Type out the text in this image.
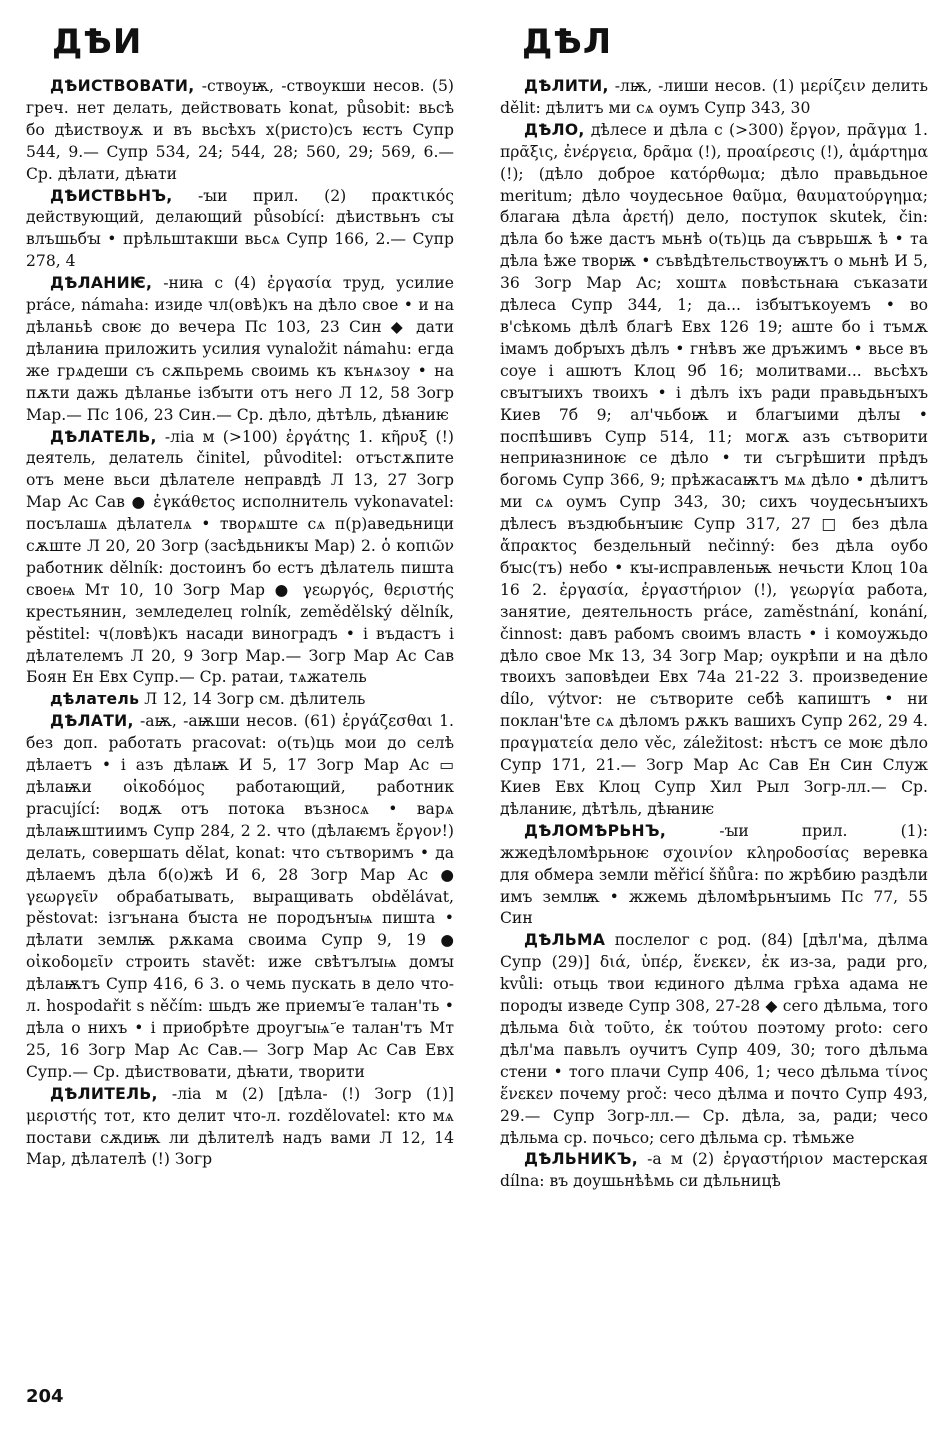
ДѢИ	ДѢЛ

ДѢИСТВОВАТИ, -ствоуѭ, -ствоукши несов. (5) греч. нет делать, действовать konat, působit: вьсѣ бо дѣиствоуѫ и въ вьсѣхъ х(ристо)съ ѥстъ Супр 544, 9.— Супр 534, 24; 544, 28; 560, 29; 569, 6.— Ср. дѣлати, дѣꙗти

ДѢИСТВЬНЪ, -ꙑи прил. (2) πρακτικός действующий, делающий působící: дѣиствьнъ сꙑ влъшьбꙑ • прѣльштакши вьсѧ Супр 166, 2.— Супр 278, 4

ДѢЛАНИѤ, -ниꙗ с (4) ἐργασία труд, усилие práce, námaha: изиде чл(овѣ)къ на дѣло свое • и на дѣланьѣ своѥ до вечера Пс 103, 23 Син ◆ дати дѣланиꙗ приложить усилия vynaložit námahu: егда же грѧдеши съ сѫпьремь своимь къ кънѧзоу • на пѫти дажь дѣланье ізбꙑти отъ него Л 12, 58 Зогр Мар.— Пс 106, 23 Син.— Ср. дѣло, дѣтѣль, дѣꙗниѥ

ДѢЛАТЕЛЬ, -ліа м (>100) ἐργάτης 1. κῆρυξ (!) деятель, делатель činitel, původitel: отъстѫпите отъ мене вьси дѣлателе неправдѣ Л 13, 27 Зогр Мар Ас Сав ● ἐγκάθετος исполнитель vykonavatel: посълашѧ дѣлателѧ • творѧште сѧ п(р)аведьници сѫште Л 20, 20 Зогр (засѣдьникꙑ Мар) 2. ὁ κοπιῶν работник dělník: достоинъ бо естъ дѣлатель пишта своеѩ Мт 10, 10 Зогр Мар ● γεωργός, θεριστής крестьянин, земледелец rolník, zemědělský dělník, pěstitel: ч(ловѣ)къ насади виноградъ • і въдастъ і дѣлателемъ Л 20, 9 Зогр Мар.— Зогр Мар Ас Сав Боян Ен Евх Супр.— Ср. ратаи, тѧжатель

дѣлатель Л 12, 14 Зогр см. дѣлитель

ДѢЛАТИ, -аѭ, -аѭши несов. (61) ἐργάζεσθαι 1. без доп. работать pracovat: о(ть)ць мои до селѣ дѣлаетъ • і азъ дѣлаѭ И 5, 17 Зогр Мар Ас ▭ дѣлаѭи οἰκοδόμος работающий, работник pracující: водѫ отъ потока възносѧ • варѧ дѣлаѭштиимъ Супр 284, 2 2. что (дѣлаѥмъ ἔργον!) делать, совершать dělat, konat: что сътворимъ • да дѣлаемъ дѣла б(о)жѣ И 6, 28 Зогр Мар Ас ● γεωργεῖν обрабатывать, выращивать obdělávat, pěstovat: ізгънана бꙑста не породънꙑѩ пишта • дѣлати землѭ рѫкама своима Супр 9, 19 ● οἰκοδομεῖν строить stavět: иже свѣтълꙑѩ домꙑ дѣлаѭтъ Супр 416, 6 3. о чемь пускать в дело что-л. hospodařit s něčím: шьдъ же приемꙑ ҃е талан'ть • дѣла о нихъ • і приобрѣте дроугꙑѩ ҃е талан'тъ Мт 25, 16 Зогр Мар Ас Сав.— Зогр Мар Ас Сав Евх Супр.— Ср. дѣиствовати, дѣꙗти, творити

ДѢЛИТЕЛЬ, -ліа м (2) [дѣла- (!) Зогр (1)] μεριστής тот, кто делит что-л. rozdělovatel: кто мѧ постави сѫдиѭ ли дѣлителѣ надъ вами Л 12, 14 Мар, дѣлателѣ (!) Зогр

ДѢЛИТИ, -лѭ, -лиши несов. (1) μερίζειν делить dělit: дѣлитъ ми сѧ оумъ Супр 343, 30

ДѢЛО, дѣлесе и дѣла с (>300) ἔργον, πρᾶγμα 1. πρᾶξις, ἐνέργεια, δρᾶμα (!), προαίρεσις (!), ἁμάρτημα (!); (дѣло доброе κατόρθωμα; дѣло правьдьное meritum; дѣло чоудесьное θαῦμα, θαυματούργημα; благаꙗ дѣла ἀρετή) дело, поступок skutek, čin: дѣла бо ѣже дастъ мьнѣ о(ть)ць да съврьшѫ ѣ • та дѣла ѣже творѭ • съвѣдѣтельствоуѭтъ о мьнѣ И 5, 36 Зогр Мар Ас; хоштѧ повѣстьнаꙗ съказати дѣлеса Супр 344, 1; да... ізбꙑтъкоуемъ • во в'сѣкомь дѣлѣ благѣ Евх 126 19; аште бо і тъмѫ імамъ добрꙑхъ дѣлъ • гнѣвъ же дръжимъ • вьсе въ соуе і ашютъ Клоц 9б 16; молитвами... вьсѣхъ свꙑтꙑихъ твоихъ • і дѣлъ іхъ ради правьдьнꙑхъ Киев 7б 9; ал'чьбоѭ и благꙑими дѣлꙑ • поспѣшивъ Супр 514, 11; могѫ азъ сътворити неприꙗзниноѥ се дѣло • ти съгрѣшити прѣдъ богомь Супр 366, 9; прѣжасаѭтъ мѧ дѣло • дѣлитъ ми сѧ оумъ Супр 343, 30; сихъ чоудесьнꙑихъ дѣлесъ въздюбьнꙑиѥ Супр 317, 27 □ без дѣла ἄπρακτος бездельный nečinný: без дѣла оубо бꙑс(тъ) небо • кꙑ-исправленьѭ нечьсти Клоц 10а 16 2. ἐργασία, ἐργαστήριον (!), γεωργία работа, занятие, деятельность práce, zaměstnání, konání, činnost: давъ рабомъ своимъ власть • і комоужьдо дѣло свое Мк 13, 34 Зогр Мар; оукрѣпи и на дѣло твоихъ заповѣдеи Евх 74а 21-22 3. произведение dílo, výtvor: не сътворите себѣ капиштъ • ни поклан'ѣте сѧ дѣломъ рѫкъ вашихъ Супр 262, 29 4. πραγματεία дело věc, záležitost: нѣстъ се моѥ дѣло Супр 171, 21.— Зогр Мар Ас Сав Ен Син Служ Киев Евх Клоц Супр Хил Рыл Зогр-лл.— Ср. дѣланиѥ, дѣтѣль, дѣꙗниѥ

ДѢЛОМѢРЬНЪ,	-ꙑи прил. (1): жжедѣломѣрьноѥ σχοινίον κληροδοσίας веревка для обмера земли měřicí šňůra: по жрѣбию раздѣли имъ землѭ • жжемь дѣломѣрьнꙑимь Пс 77, 55 Син

ДѢЛЬМА послелог с род. (84) [дѣл'ма, дѣлма Супр (29)] διά, ὑπέρ, ἕνεκεν, ἐκ из-за, ради pro, kvůli: отьць твои ѥдиного дѣлма грѣха адама не породꙑ изведе Супр 308, 27-28 ◆ сего дѣльма, того дѣльма διὰ τοῦτο, ἐκ τούτου поэтому proto: сего дѣл'ма павьлъ оучитъ Супр 409, 30; того дѣльма стени • того плачи Супр 406, 1; чесо дѣльма τίνος ἕνεκεν почему proč: чесо дѣлма и почто Супр 493, 29.— Супр Зогр-лл.— Ср. дѣла, за, ради; чесо дѣльма ср. почьсо; сего дѣльма ср. тѣмьже

ДѢЛЬНИКЪ, -а м (2) ἐργαστήριον мастерская dílna: въ доушьнѣѣмь си дѣльницѣ

204
